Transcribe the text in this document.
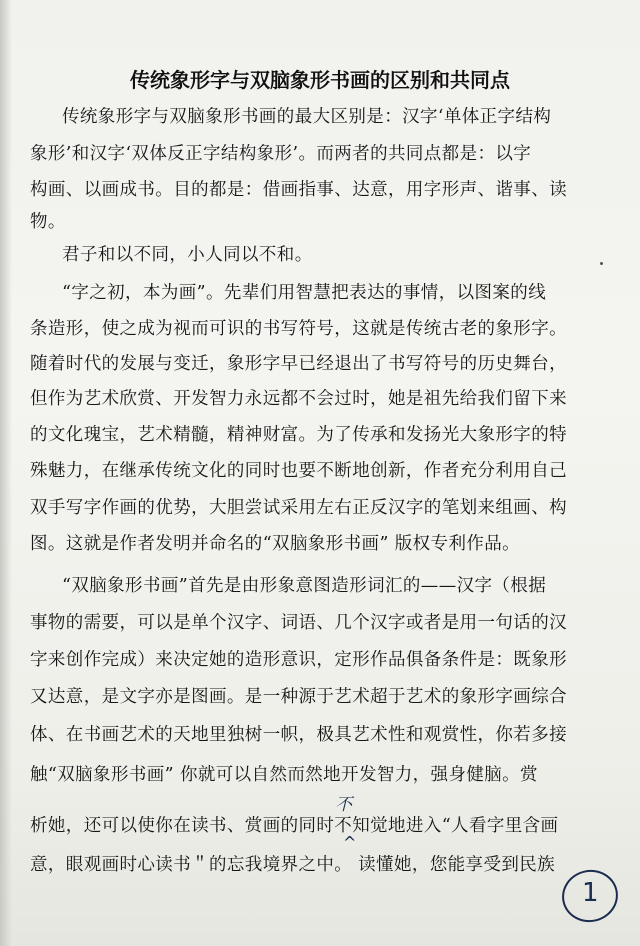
传统象形字与双脑象形书画的区别和共同点
传统象形字与双脑象形书画的最大区别是：汉字‘单体正字结构
象形’和汉字‘双体反正字结构象形’。而两者的共同点都是：以字
构画、以画成书。目的都是：借画指事、达意，用字形声、谐事、读
物。
君子和以不同，小人同以不和。
“字之初，本为画”。先辈们用智慧把表达的事情，以图案的线
条造形，使之成为视而可识的书写符号，这就是传统古老的象形字。
随着时代的发展与变迁，象形字早已经退出了书写符号的历史舞台，
但作为艺术欣赏、开发智力永远都不会过时，她是祖先给我们留下来
的文化瑰宝，艺术精髓，精神财富。为了传承和发扬光大象形字的特
殊魅力，在继承传统文化的同时也要不断地创新，作者充分利用自己
双手写字作画的优势，大胆尝试采用左右正反汉字的笔划来组画、构
图。这就是作者发明并命名的“双脑象形书画” 版权专利作品。
“双脑象形书画”首先是由形象意图造形词汇的——汉字（根据
事物的需要，可以是单个汉字、词语、几个汉字或者是用一句话的汉
字来创作完成）来决定她的造形意识，定形作品俱备条件是：既象形
又达意，是文字亦是图画。是一种源于艺术超于艺术的象形字画综合
体、在书画艺术的天地里独树一帜，极具艺术性和观赏性，你若多接
触“双脑象形书画” 你就可以自然而然地开发智力，强身健脑。赏
析她，还可以使你在读书、赏画的同时不知觉地进入“人看字里含画
意，眼观画时心读书＂的忘我境界之中。 读懂她，您能享受到民族
不
^
1
